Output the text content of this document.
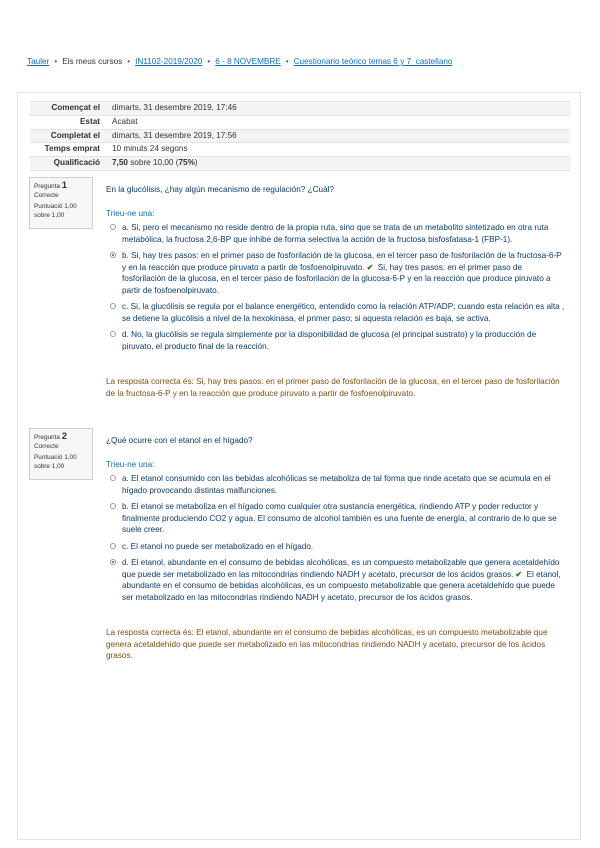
Tauler • Els meus cursos • IN1102-2019/2020 • 6 - 8 NOVEMBRE • Cuestionario teórico temas 6 y 7_castellano
Començat el	dimarts, 31 desembre 2019, 17:46
Estat	Acabat
Completat el	dimarts, 31 desembre 2019, 17:56
Temps emprat	10 minuts 24 segons
Qualificació	7,50 sobre 10,00 (75%)
Pregunta 1
Correcte
Puntuació 1,00 sobre 1,00
En la glucólisis, ¿hay algún mecanismo de regulación? ¿Cuál?
Trieu-ne una:
a. Si, pero el mecanismo no reside dentro de la propia ruta, sino que se trata de un metabolito sintetizado en otra ruta metabólica, la fructosa 2,6-BP que inhibe de forma selectiva la acción de la fructosa bisfosfatasa-1 (FBP-1).
b. Si, hay tres pasos: en el primer paso de fosforilación de la glucosa, en el tercer paso de fosforilación de la fructosa-6-P y en la reacción que produce piruvato a partir de fosfoenolpiruvato. ✔ Si, hay tres pasos: en el primer paso de fosforilación de la glucosa, en el tercer paso de fosforilación de la glucosa-6-P y en la reacción que produce piruvato a partir de fosfoenolpiruvato.
c. Si, la glucólisis se regula por el balance energético, entendido como la relación ATP/ADP; cuando esta relación es alta , se detiene la glucólisis a nivel de la hexokinasa, el primer paso; si aquesta relación es baja, se activa.
d. No, la glucólisis se regula simplemente por la disponibilidad de glucosa (el principal sustrato) y la producción de piruvato, el producto final de la reacción.
La resposta correcta és: Si, hay tres pasos: en el primer paso de fosforilación de la glucosa, en el tercer paso de fosforilación de la fructosa-6-P y en la reacción que produce piruvato a partir de fosfoenolpiruvato.
Pregunta 2
Correcte
Puntuació 1,00 sobre 1,00
¿Qué ocurre con el etanol en el hígado?
Trieu-ne una:
a. El etanol consumido con las bebidas alcohólicas se metaboliza de tal forma que rinde acetato que se acumula en el hígado provocando distintas malfunciones.
b. El etanol se metaboliza en el hígado como cualquier otra sustancia energética, rindiendo ATP y poder reductor y finalmente produciendo CO2 y agua. El consumo de alcohol también es una fuente de energía, al contrario de lo que se suele creer.
c. El etanol no puede ser metabolizado en el hígado.
d. El etanol, abundante en el consumo de bebidas alcohólicas, es un compuesto metabolizable que genera acetaldehído que puede ser metabolizado en las mitocondrias rindiendo NADH y acetato, precursor de los ácidos grasos. ✔ El etanol, abundante en el consumo de bebidas alcohólicas, es un compuesto metabolizable que genera acetaldehído que puede ser metabolizado en las mitocondrias rindiendo NADH y acetato, precursor de los ácidos grasos.
La resposta correcta és: El etanol, abundante en el consumo de bebidas alcohólicas, es un compuesto metabolizable que genera acetaldehído que puede ser metabolizado en las mitocondrias rindiendo NADH y acetato, precursor de los ácidos grasos.
